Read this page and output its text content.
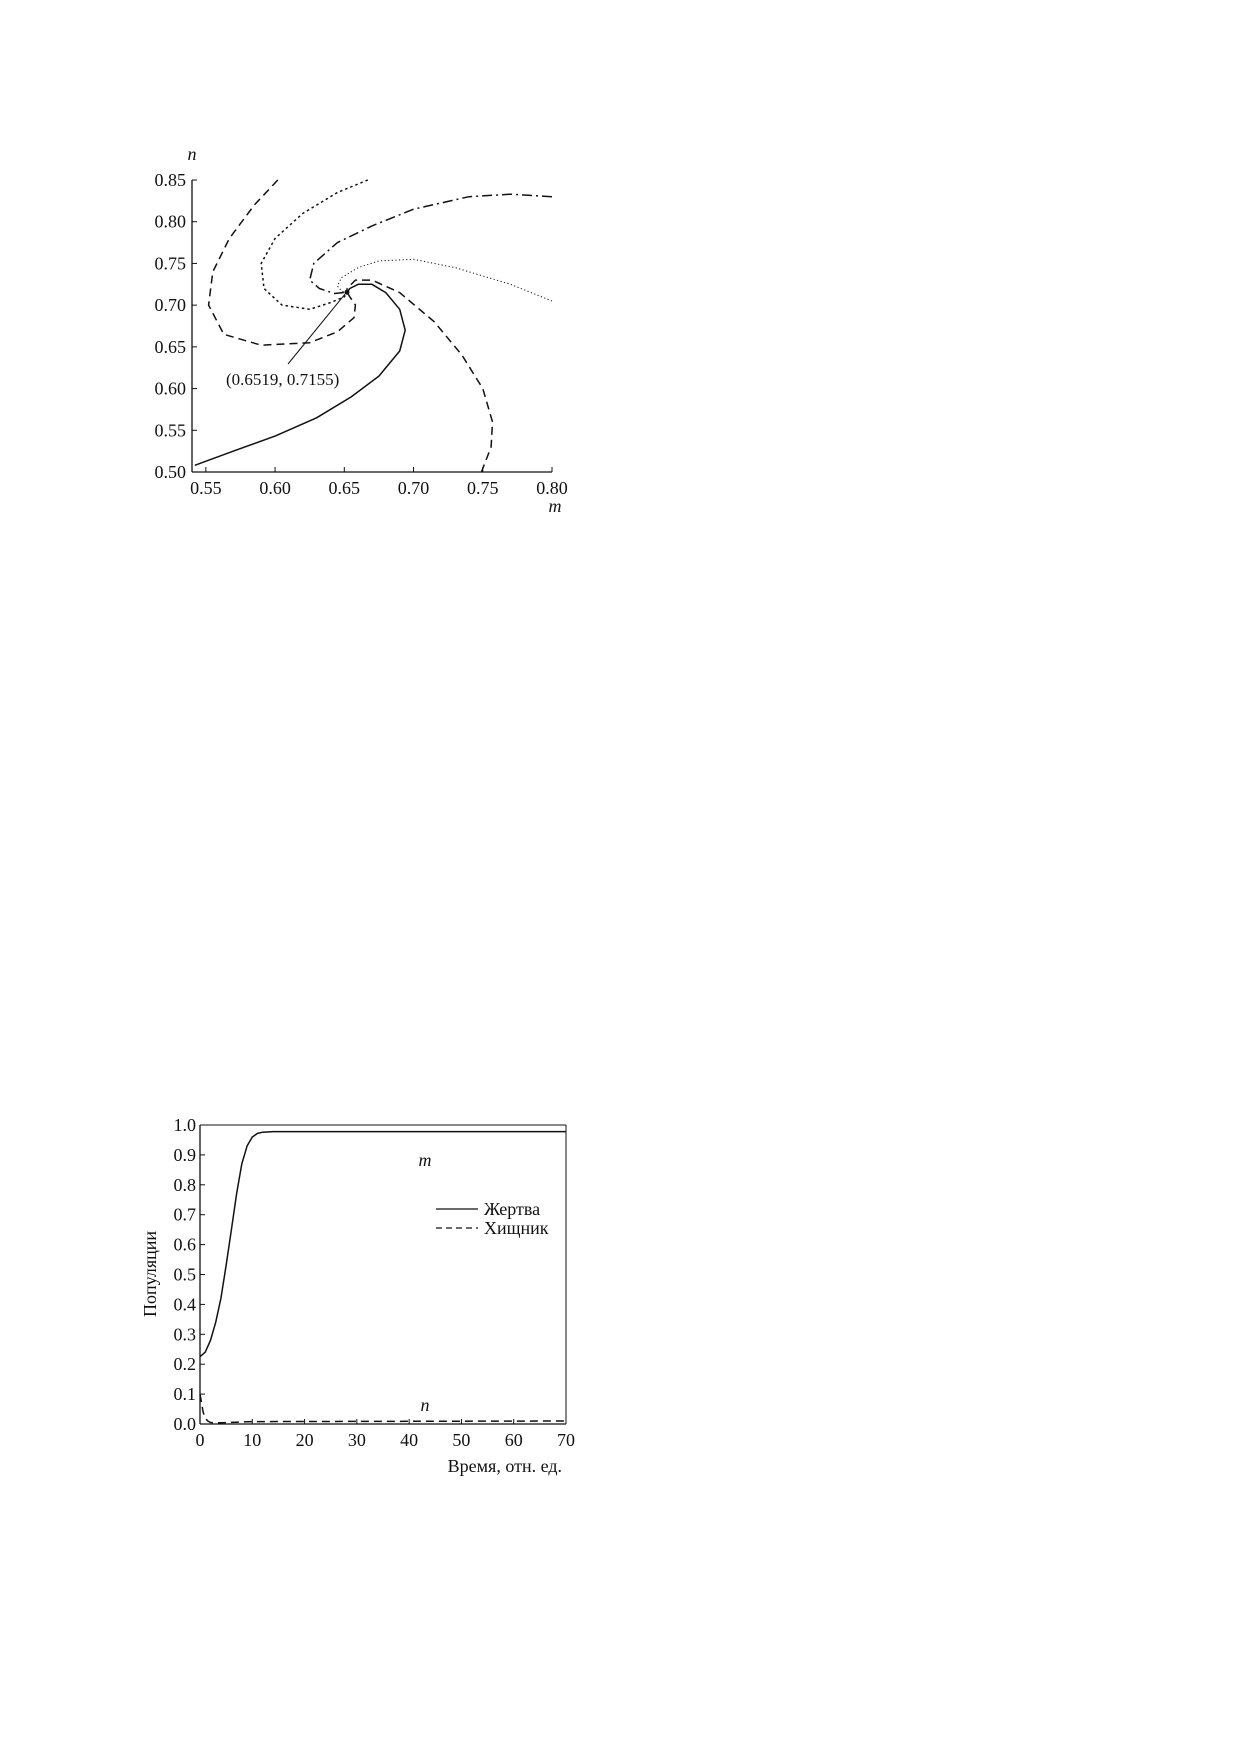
0.55 0.60 0.65 0.70 0.75 0.80
0.50
0.55
0.60
0.65
0.70
0.75
0.80
0.85
(0.6519, 0.7155)
m
n
0 10 20 30 40 50 60 70
0.0
0.1
0.2
0.3
0.4
0.5
0.6
0.7
0.8
0.9
1.0
m
n
Жертва
Хищник
Время, отн. ед.
Популяции
